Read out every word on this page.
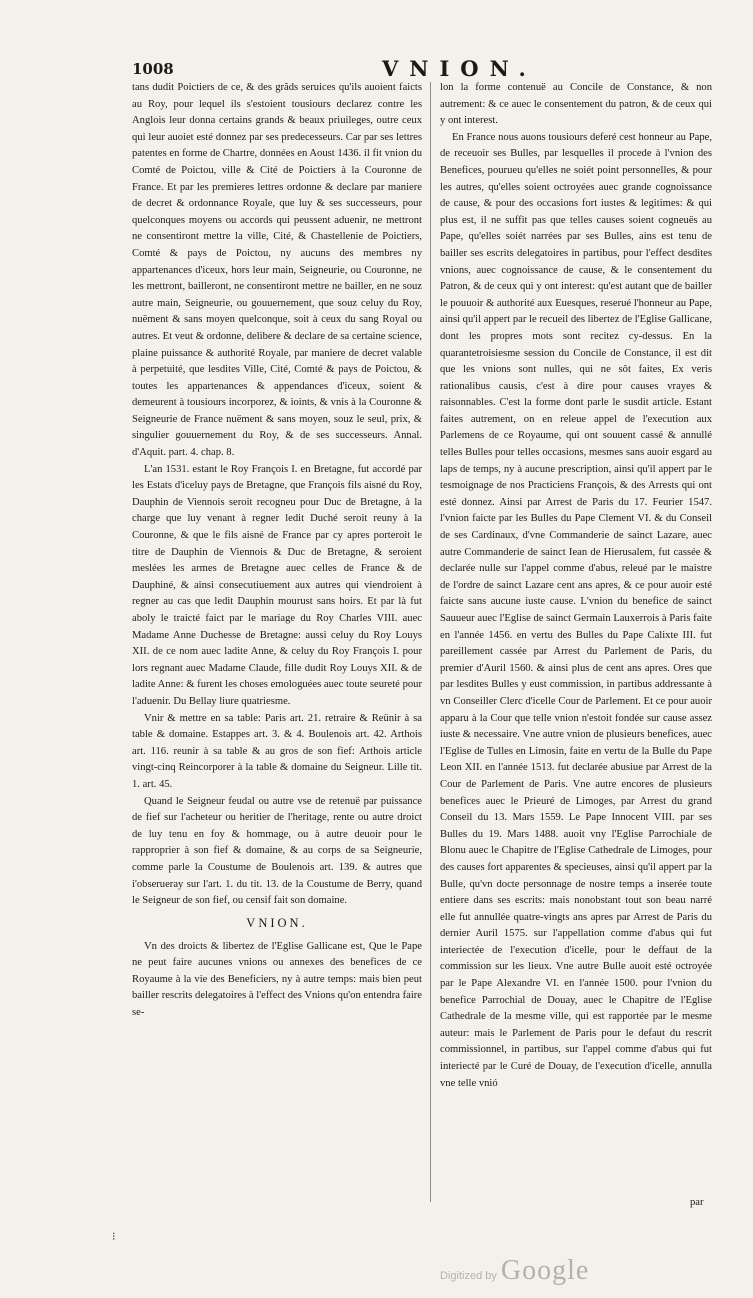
1008	VNION.

tans dudit Poictiers de ce, & des grãds seruices qu'ils auoient faicts au Roy, pour lequel ils s'estoient tousiours declarez contre les Anglois leur donna certains grands & beaux priuileges, outre ceux qui leur auoiet esté donnez par ses predecesseurs. Car par ses lettres patentes en forme de Chartre, données en Aoust 1436. il fit vnion du Comté de Poictou, ville & Cité de Poictiers à la Couronne de France. Et par les premieres lettres ordonne & declare par maniere de decret & ordonnance Royale, que luy & ses successeurs, pour quelconques moyens ou accords qui peussent aduenir, ne mettront ne consentiront mettre la ville, Cité, & Chastellenie de Poictiers, Comté & pays de Poictou, ny aucuns des membres ny appartenances d'iceux, hors leur main, Seigneurie, ou Couronne, ne les mettront, bailleront, ne consentiront mettre ne bailler, en ne souz autre main, Seigneurie, ou gouuernement, que souz celuy du Roy, nuëment & sans moyen quelconque, soit à ceux du sang Royal ou autres. Et veut & ordonne, delibere & declare de sa certaine science, plaine puissance & authorité Royale, par maniere de decret valable à perpetuité, que lesdites Ville, Cité, Comté & pays de Poictou, & toutes les appartenances & appendances d'iceux, soient & demeurent à tousiours incorporez, & ioints, & vnis à la Couronne & Seigneurie de France nuëment & sans moyen, souz le seul, prix, & singulier gouuernement du Roy, & de ses successeurs. Annal. d'Aquit. part. 4. chap. 8.

L'an 1531. estant le Roy François I. en Bretagne, fut accordé par les Estats d'iceluy pays de Bretagne, que François fils aisné du Roy, Dauphin de Viennois seroit recogneu pour Duc de Bretagne, à la charge que luy venant à regner ledit Duché seroit reuny à la Couronne, & que le fils aisné de France par cy apres porteroit le titre de Dauphin de Viennois & Duc de Bretagne, & seroient meslées les armes de Bretagne auec celles de France & de Dauphiné, & ainsi consecutiuement aux autres qui viendroient à regner au cas que ledit Dauphin mourust sans hoirs. Et par là fut aboly le traicté faict par le mariage du Roy Charles VIII. auec Madame Anne Duchesse de Bretagne: aussi celuy du Roy Louys XII. de ce nom auec ladite Anne, & celuy du Roy François I. pour lors regnant auec Madame Claude, fille dudit Roy Louys XII. & de ladite Anne: & furent les choses emologuées auec toute seureté pour l'aduenir. Du Bellay liure quatriesme.

Vnir & mettre en sa table: Paris art. 21. retraire & Reünir à sa table & domaine. Estappes art. 3. & 4. Boulenois art. 42. Arthois art. 116. reunir à sa table & au gros de son fief: Arthois article vingt-cinq Reincorporer à la table & domaine du Seigneur. Lille tit. 1. art. 45.

Quand le Seigneur feudal ou autre vse de retenuë par puissance de fief sur l'acheteur ou heritier de l'heritage, rente ou autre droict de luy tenu en foy & hommage, ou à autre deuoir pour le rapproprier à son fief & domaine, & au corps de sa Seigneurie, comme parle la Coustume de Boulenois art. 139. & autres que i'obserueray sur l'art. 1. du tit. 13. de la Coustume de Berry, quand le Seigneur de son fief, ou censif fait son domaine.

VNION.

Vn des droicts & libertez de l'Eglise Gallicane est, Que le Pape ne peut faire aucunes vnions ou annexes des benefices de ce Royaume à la vie des Beneficiers, ny à autre temps: mais bien peut bailler rescrits delegatoires à l'effect des Vnions qu'on entendra faire se-

lon la forme contenuë au Concile de Constance, & non autrement: & ce auec le consentement du patron, & de ceux qui y ont interest.

En France nous auons tousiours deferé cest honneur au Pape, de receuoir ses Bulles, par lesquelles il procede à l'vnion des Benefices, pourueu qu'elles ne soiét point personnelles, & pour les autres, qu'elles soient octroyées auec grande cognoissance de cause, & pour des occasions fort iustes & legitimes: & qui plus est, il ne suffit pas que telles causes soient cogneuës au Pape, qu'elles soiét narrées par ses Bulles, ains est tenu de bailler ses escrits delegatoires in partibus, pour l'effect desdites vnions, auec cognoissance de cause, & le consentement du Patron, & de ceux qui y ont interest: qu'est autant que de bailler le pouuoir & authorité aux Euesques, reserué l'honneur au Pape, ainsi qu'il appert par le recueil des libertez de l'Eglise Gallicane, dont les propres mots sont recitez cy-dessus. En la quarantetroisiesme session du Concile de Constance, il est dit que les vnions sont nulles, qui ne sôt faites, Ex veris rationalibus causis, c'est à dire pour causes vrayes & raisonnables. C'est la forme dont parle le susdit article. Estant faites autrement, on en releue appel de l'execution aux Parlemens de ce Royaume, qui ont souuent cassé & annullé telles Bulles pour telles occasions, mesmes sans auoir esgard au laps de temps, ny à aucune prescription, ainsi qu'il appert par le tesmoignage de nos Practiciens François, & des Arrests qui ont esté donnez. Ainsi par Arrest de Paris du 17. Feurier 1547. l'vnion faicte par les Bulles du Pape Clement VI. & du Conseil de ses Cardinaux, d'vne Commanderie de sainct Lazare, auec autre Commanderie de sainct Iean de Hierusalem, fut cassée & declarée nulle sur l'appel comme d'abus, releué par le maistre de l'ordre de sainct Lazare cent ans apres, & ce pour auoir esté faicte sans aucune iuste cause. L'vnion du benefice de sainct Sauueur auec l'Eglise de sainct Germain Lauxerrois à Paris faite en l'année 1456. en vertu des Bulles du Pape Calixte III. fut pareillement cassée par Arrest du Parlement de Paris, du premier d'Auril 1560. & ainsi plus de cent ans apres. Ores que par lesdites Bulles y eust commission, in partibus addressante à vn Conseiller Clerc d'icelle Cour de Parlement. Et ce pour auoir apparu à la Cour que telle vnion n'estoit fondée sur cause assez iuste & necessaire. Vne autre vnion de plusieurs benefices, auec l'Eglise de Tulles en Limosin, faite en vertu de la Bulle du Pape Leon XII. en l'année 1513. fut declarée abusiue par Arrest de la Cour de Parlement de Paris. Vne autre encores de plusieurs benefices auec le Prieuré de Limoges, par Arrest du grand Conseil du 13. Mars 1559. Le Pape Innocent VIII. par ses Bulles du 19. Mars 1488. auoit vny l'Eglise Parrochiale de Blonu auec le Chapitre de l'Eglise Cathedrale de Limoges, pour des causes fort apparentes & specieuses, ainsi qu'il appert par la Bulle, qu'vn docte personnage de nostre temps a inserée toute entiere dans ses escrits: mais nonobstant tout son beau narré elle fut annullée quatre-vingts ans apres par Arrest de Paris du dernier Auril 1575. sur l'appellation comme d'abus qui fut interiectée de l'execution d'icelle, pour le deffaut de la commission sur les lieux. Vne autre Bulle auoit esté octroyée par le Pape Alexandre VI. en l'année 1500. pour l'vnion du benefice Parrochial de Douay, auec le Chapitre de l'Eglise Cathedrale de la mesme ville, qui est rapportée par le mesme auteur: mais le Parlement de Paris pour le defaut du rescrit commissionnel, in partibus, sur l'appel comme d'abus qui fut interiecté par le Curé de Douay, de l'execution d'icelle, annulla vne telle vnió

par
⁝
Digitized by Google
